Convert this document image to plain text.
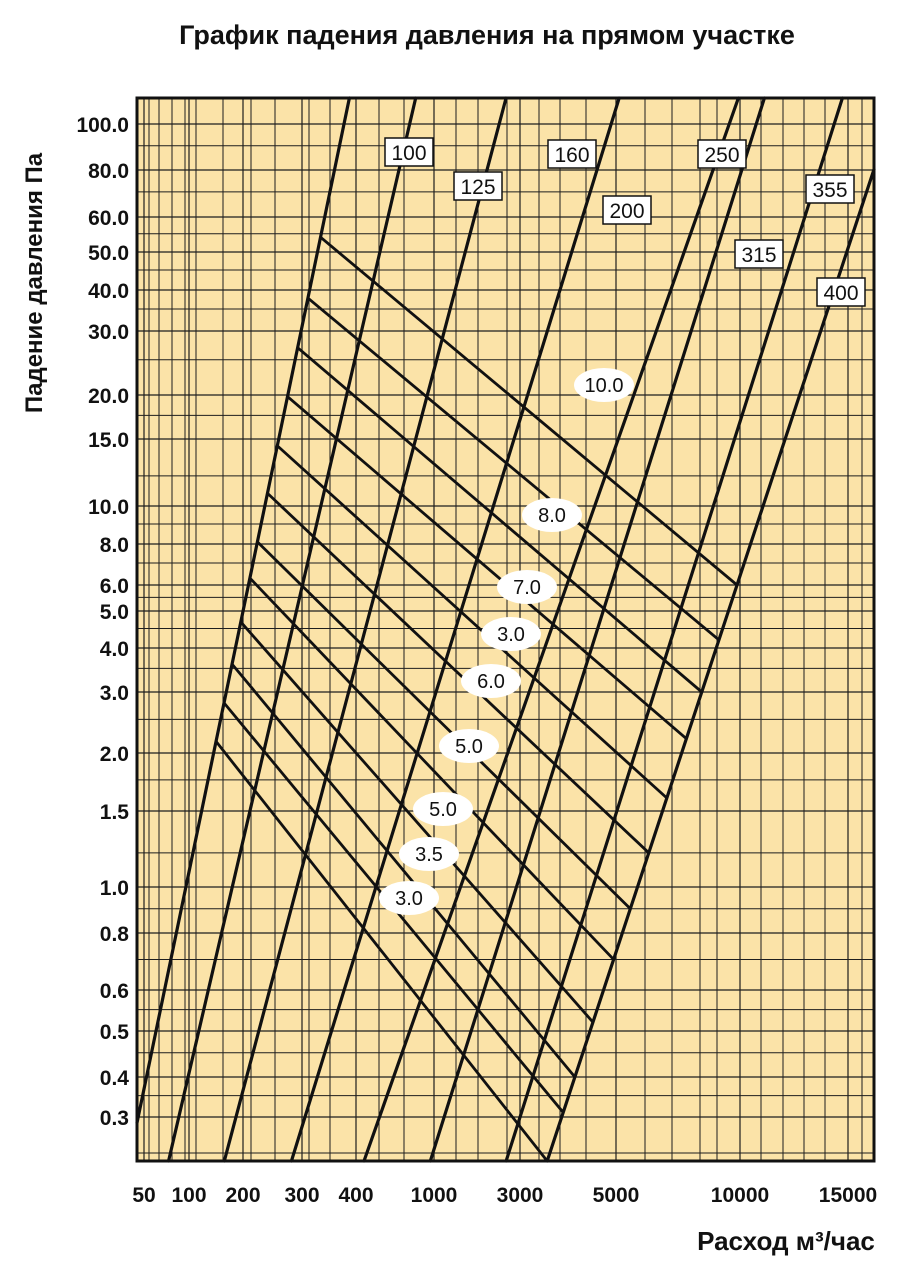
График падения давления на прямом участке
Падение давления Па
Расход м³/час
10.0
8.0
7.0
3.0
6.0
5.0
5.0
3.5
3.0
100
125
160
200
250
315
355
400
100.0
80.0
60.0
50.0
40.0
30.0
20.0
15.0
10.0
8.0
6.0
5.0
4.0
3.0
2.0
1.5
1.0
0.8
0.6
0.5
0.4
0.3
50 100 200 300 400 1000 3000 5000	10000 15000
